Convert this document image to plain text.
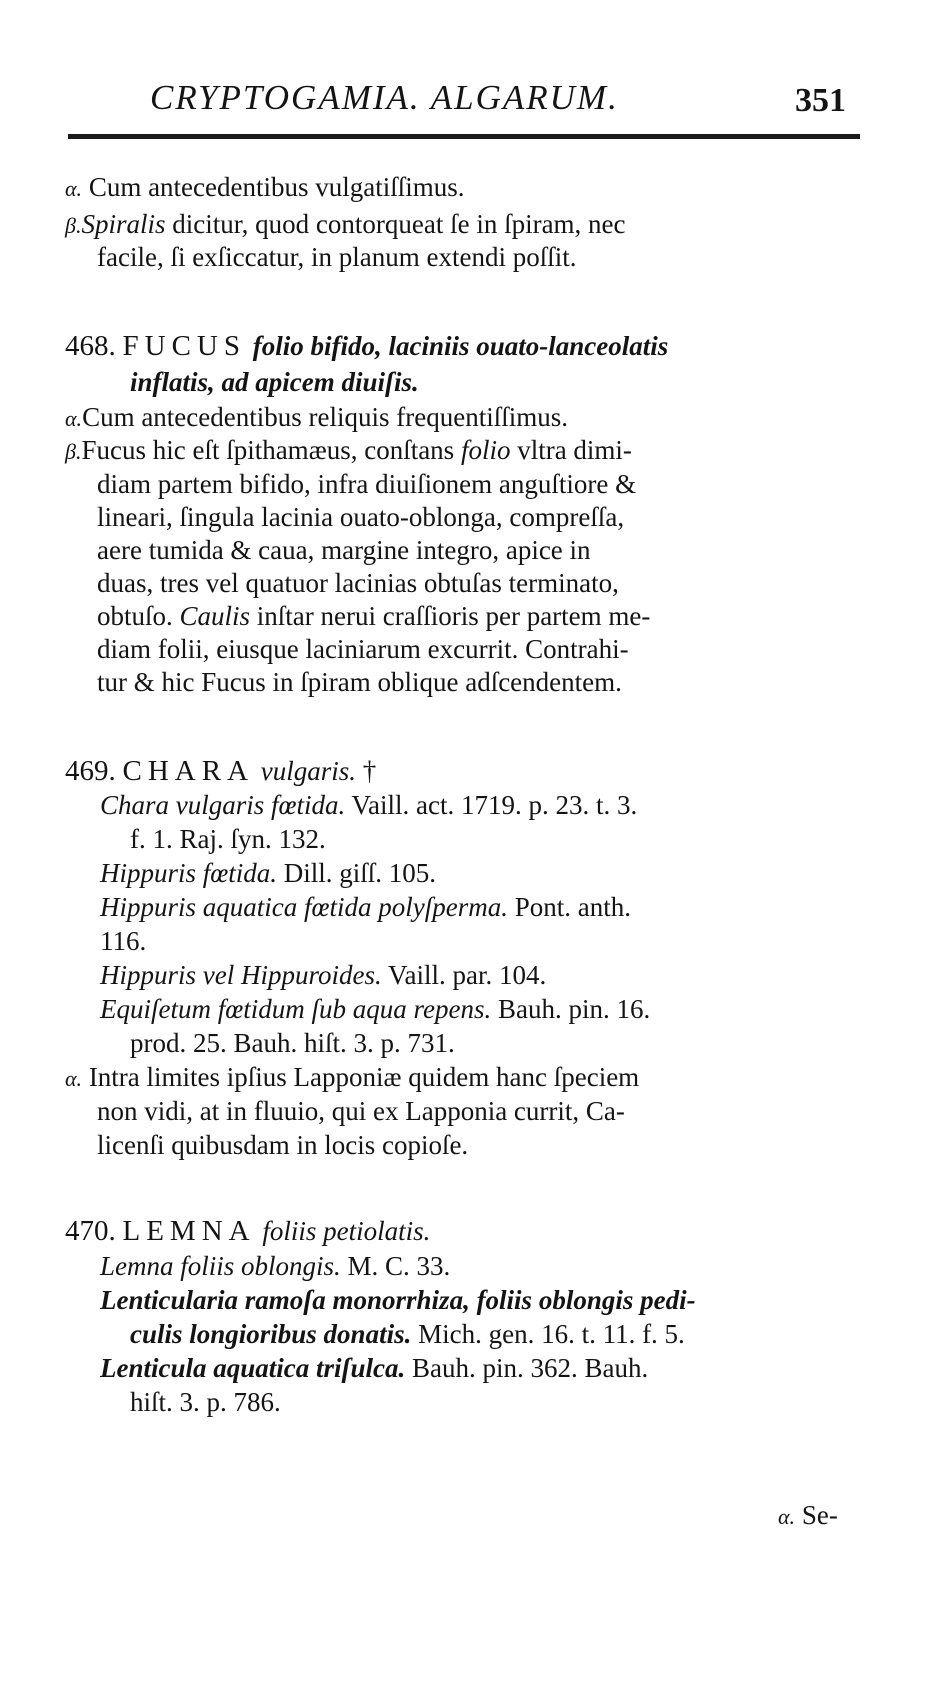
CRYPTOGAMIA. ALGARUM.	351
α. Cum antecedentibus vulgatiſſimus.
β.Spiralis dicitur, quod contorqueat ſe in ſpiram, nec
facile, ſi exſiccatur, in planum extendi poſſit.
468. FUCUS folio bifido, laciniis ouato-lanceolatis
inflatis, ad apicem diuiſis.
α.Cum antecedentibus reliquis frequentiſſimus.
β.Fucus hic eſt ſpithamæus, conſtans folio vltra dimi-
diam partem bifido, infra diuiſionem anguſtiore &
lineari, ſingula lacinia ouato-oblonga, compreſſa,
aere tumida & caua, margine integro, apice in
duas, tres vel quatuor lacinias obtuſas terminato,
obtuſo. Caulis inſtar nerui craſſioris per partem me-
diam folii, eiusque laciniarum excurrit. Contrahi-
tur & hic Fucus in ſpiram oblique adſcendentem.
469. CHARA vulgaris. †
Chara vulgaris fœtida. Vaill. act. 1719. p. 23. t. 3.
f. 1. Raj. ſyn. 132.
Hippuris fœtida. Dill. giſſ. 105.
Hippuris aquatica fœtida polyſperma. Pont. anth.
116.
Hippuris vel Hippuroides. Vaill. par. 104.
Equiſetum fœtidum ſub aqua repens. Bauh. pin. 16.
prod. 25. Bauh. hiſt. 3. p. 731.
α. Intra limites ipſius Lapponiæ quidem hanc ſpeciem
non vidi, at in fluuio, qui ex Lapponia currit, Ca-
licenſi quibusdam in locis copioſe.
470. LEMNA foliis petiolatis.
Lemna foliis oblongis. M. C. 33.
Lenticularia ramoſa monorrhiza, foliis oblongis pedi-
culis longioribus donatis. Mich. gen. 16. t. 11. f. 5.
Lenticula aquatica triſulca. Bauh. pin. 362. Bauh.
hiſt. 3. p. 786.
α. Se-
